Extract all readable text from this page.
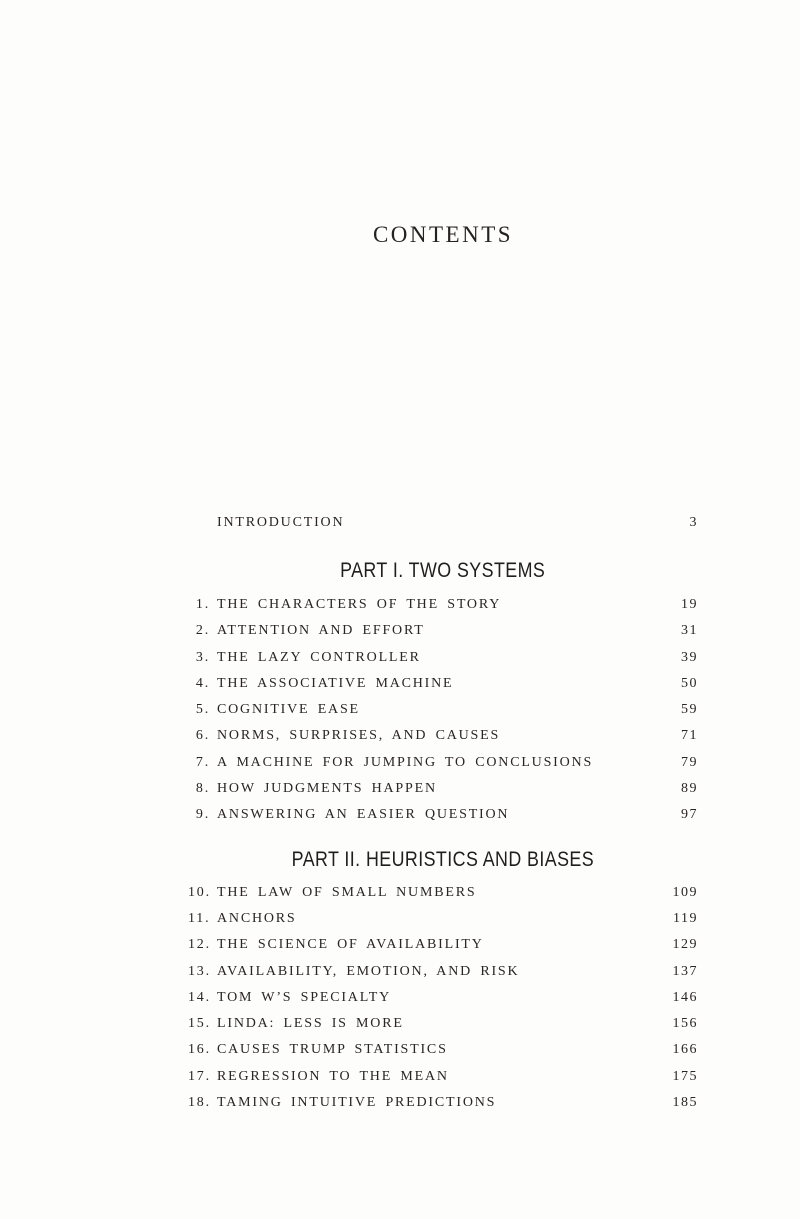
CONTENTS
INTRODUCTION	3
PART I. TWO SYSTEMS
1. THE CHARACTERS OF THE STORY	19
2. ATTENTION AND EFFORT	31
3. THE LAZY CONTROLLER	39
4. THE ASSOCIATIVE MACHINE	50
5. COGNITIVE EASE	59
6. NORMS, SURPRISES, AND CAUSES	71
7. A MACHINE FOR JUMPING TO CONCLUSIONS	79
8. HOW JUDGMENTS HAPPEN	89
9. ANSWERING AN EASIER QUESTION	97
PART II. HEURISTICS AND BIASES
10. THE LAW OF SMALL NUMBERS	109
11. ANCHORS	119
12. THE SCIENCE OF AVAILABILITY	129
13. AVAILABILITY, EMOTION, AND RISK	137
14. TOM W’S SPECIALTY	146
15. LINDA: LESS IS MORE	156
16. CAUSES TRUMP STATISTICS	166
17. REGRESSION TO THE MEAN	175
18. TAMING INTUITIVE PREDICTIONS	185
